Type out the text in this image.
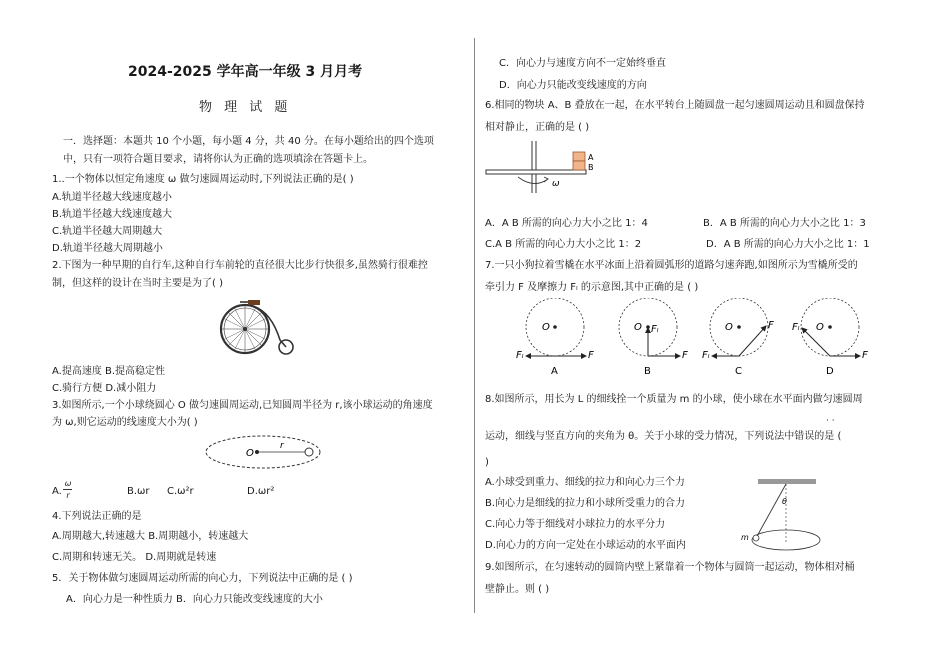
2024-2025 学年高一年级 3 月月考
物 理 试 题
一．选择题：本题共 10 个小题，每小题 4 分，共 40 分。在每小题给出的四个选项
中，只有一项符合题目要求，请将你认为正确的选项填涂在答题卡上。
1..一个物体以恒定角速度 ω 做匀速圆周运动时,下列说法正确的是( )
A.轨道半径越大线速度越小
B.轨道半径越大线速度越大
C.轨道半径越大周期越大
D.轨道半径越大周期越小
2.下图为一种早期的自行车,这种自行车前轮的直径很大比步行快很多,虽然骑行很难控
制，但这样的设计在当时主要是为了( )
A.提高速度 B.提高稳定性
C.骑行方便 D.减小阻力
3.如图所示,一个小球绕圆心 O 做匀速圆周运动,已知圆周半径为 r,该小球运动的角速度
为 ω,则它运动的线速度大小为( )
O
r
A.
ω
r	B.ωr C.ω²r	D.ωr²
4.下列说法正确的是
A.周期越大,转速越大 B.周期越小，转速越大
C.周期和转速无关。 D.周期就是转速
5．关于物体做匀速圆周运动所需的向心力，下列说法中正确的是 ( )
A．向心力是一种性质力 B．向心力只能改变线速度的大小
C．向心力与速度方向不一定始终垂直
D．向心力只能改变线速度的方向
6.相同的物块 A、B 叠放在一起，在水平转台上随圆盘一起匀速圆周运动且和圆盘保持
相对静止，正确的是 ( )
A
B
ω
A．A B 所需的向心力大小之比 1：4	B．A B 所需的向心力大小之比 1：3
C.A B 所需的向心力大小之比 1：2	D．A B 所需的向心力大小之比 1：1
7.一只小狗拉着雪橇在水平冰面上沿着圆弧形的道路匀速奔跑,如图所示为雪橇所受的
牵引力 F 及摩擦力 Fₗ 的示意图,其中正确的是 ( )
O
F
Fₗ
A
O Fₗ
F
B
O	F
Fₗ
C
O
Fₗ
F
D
8.如图所示，用长为 L 的细线拴一个质量为 m 的小球，使小球在水平面内做匀速圆周
· ·
运动，细线与竖直方向的夹角为 θ。关于小球的受力情况，下列说法中错误的是 (
)
A.小球受到重力、细线的拉力和向心力三个力
B.向心力是细线的拉力和小球所受重力的合力
C.向心力等于细线对小球拉力的水平分力
D.向心力的方向一定处在小球运动的水平面内
θ
m
9.如图所示，在匀速转动的圆筒内壁上紧靠着一个物体与圆筒一起运动，物体相对桶
壁静止。则 ( )
